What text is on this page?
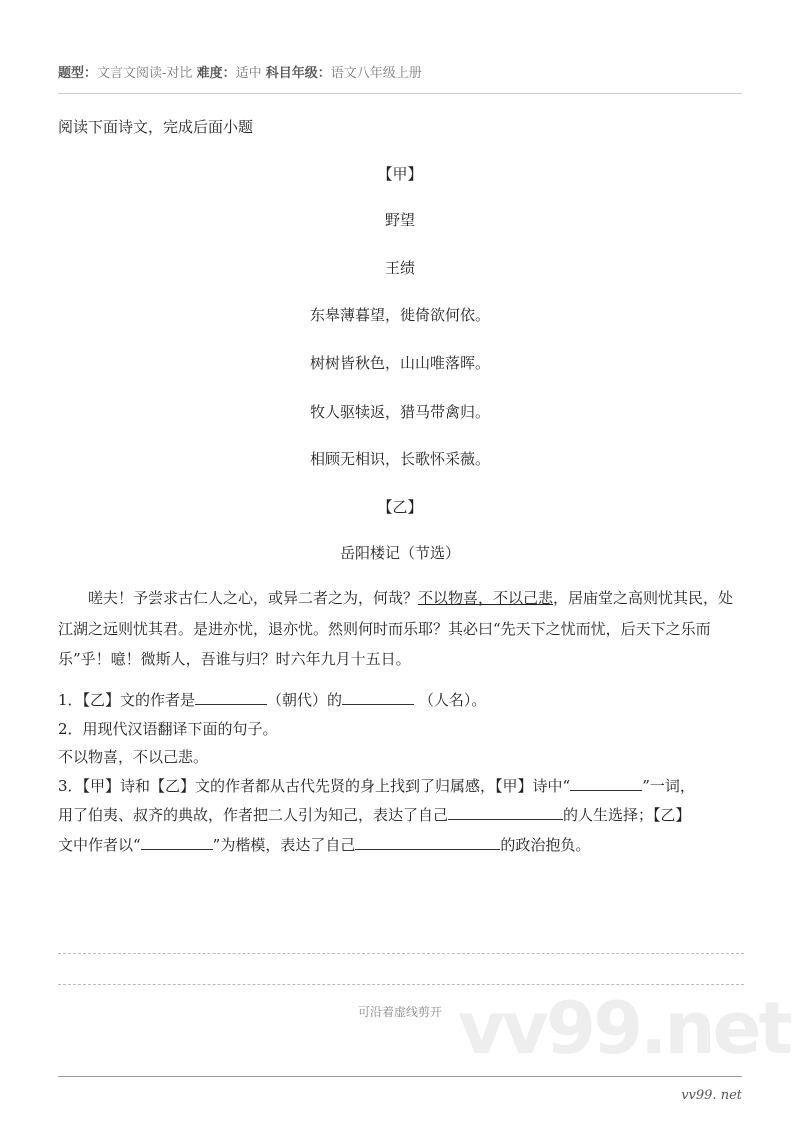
题型：文言文阅读-对比 难度：适中 科目年级：语文八年级上册
阅读下面诗文，完成后面小题
【甲】
野望
王绩
东皋薄暮望，徙倚欲何依。
树树皆秋色，山山唯落晖。
牧人驱犊返，猎马带禽归。
相顾无相识，长歌怀采薇。
【乙】
岳阳楼记（节选）
嗟夫！予尝求古仁人之心，或异二者之为，何哉？不以物喜，不以己悲，居庙堂之高则忧其民，处江湖之远则忧其君。是进亦忧，退亦忧。然则何时而乐耶？其必曰“先天下之忧而忧，后天下之乐而乐”乎！噫！微斯人，吾谁与归？时六年九月十五日。
1．【乙】文的作者是	（朝代）的	（人名）。
2．用现代汉语翻译下面的句子。
不以物喜，不以己悲。
3．【甲】诗和【乙】文的作者都从古代先贤的身上找到了归属感，【甲】诗中“	”一词，用了伯夷、叔齐的典故，作者把二人引为知己，表达了自己	的人生选择；【乙】文中作者以“	”为楷模，表达了自己	的政治抱负。
vv99.net
可沿着虚线剪开
vv99. net
